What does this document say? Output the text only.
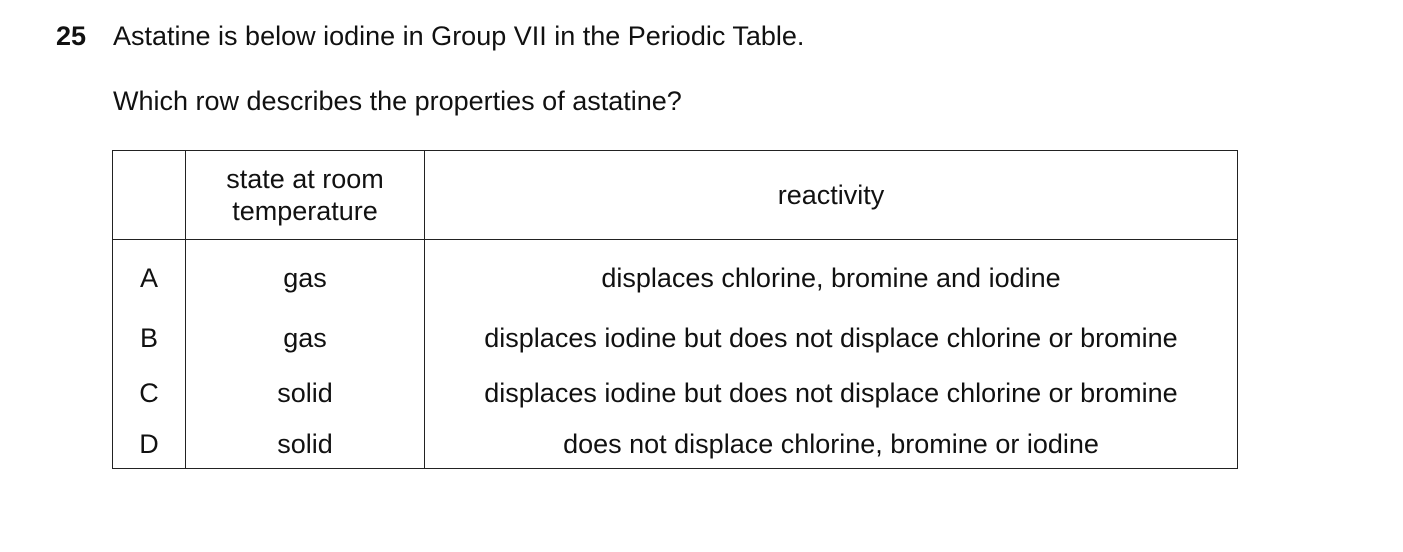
25 Astatine is below iodine in Group VII in the Periodic Table.
Which row describes the properties of astatine?
	state at room temperature	reactivity
A	gas	displaces chlorine, bromine and iodine
B	gas	displaces iodine but does not displace chlorine or bromine
C	solid	displaces iodine but does not displace chlorine or bromine
D	solid	does not displace chlorine, bromine or iodine
